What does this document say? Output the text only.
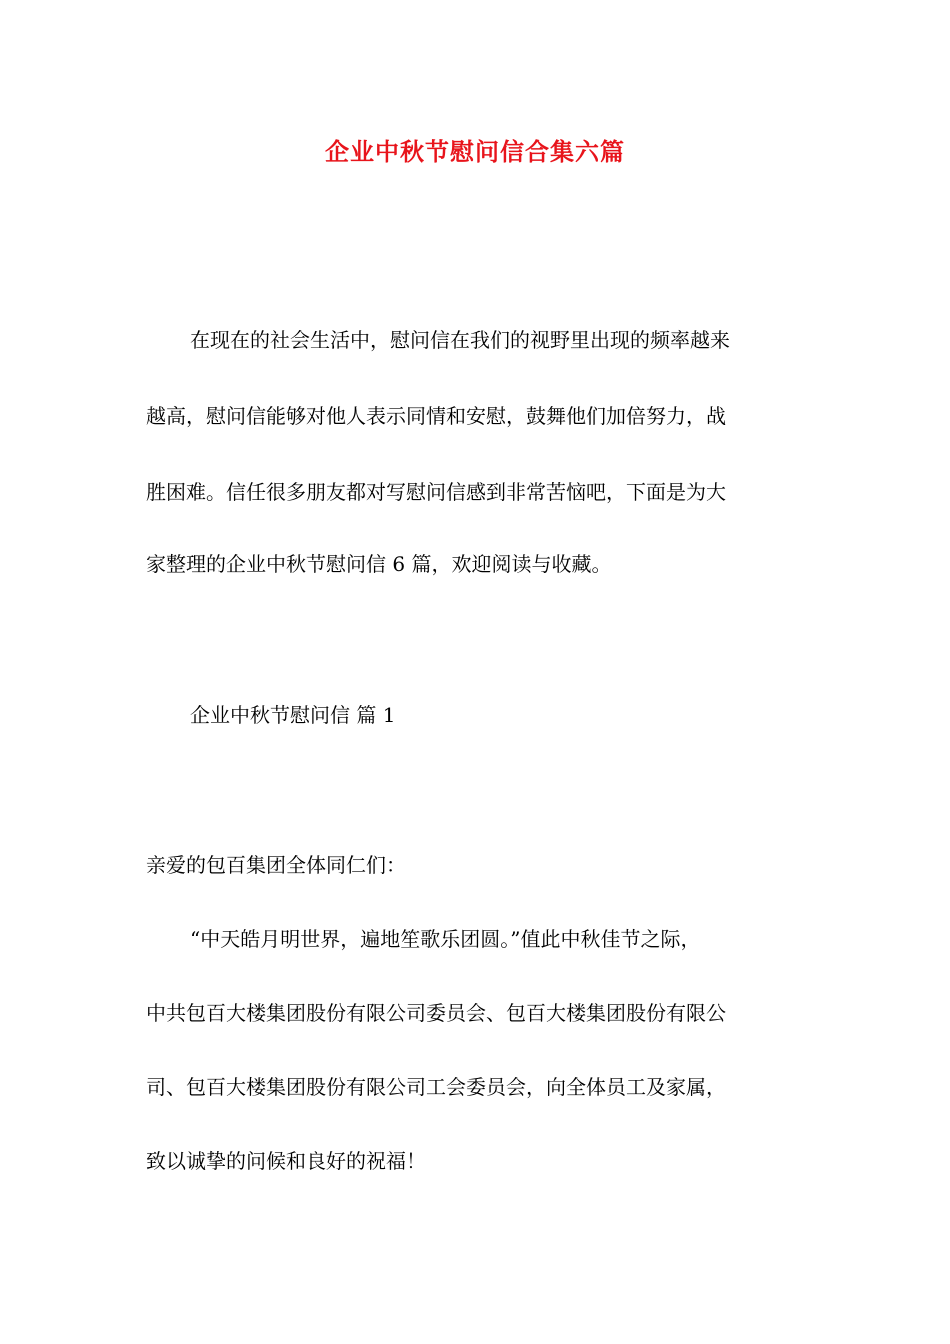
企业中秋节慰问信合集六篇

在现在的社会生活中，慰问信在我们的视野里出现的频率越来

越高，慰问信能够对他人表示同情和安慰，鼓舞他们加倍努力，战

胜困难。信任很多朋友都对写慰问信感到非常苦恼吧，下面是为大

家整理的企业中秋节慰问信 6 篇，欢迎阅读与收藏。

企业中秋节慰问信 篇 1

亲爱的包百集团全体同仁们：

“中天皓月明世界，遍地笙歌乐团圆。”值此中秋佳节之际，

中共包百大楼集团股份有限公司委员会、包百大楼集团股份有限公

司、包百大楼集团股份有限公司工会委员会，向全体员工及家属，

致以诚挚的问候和良好的祝福！
